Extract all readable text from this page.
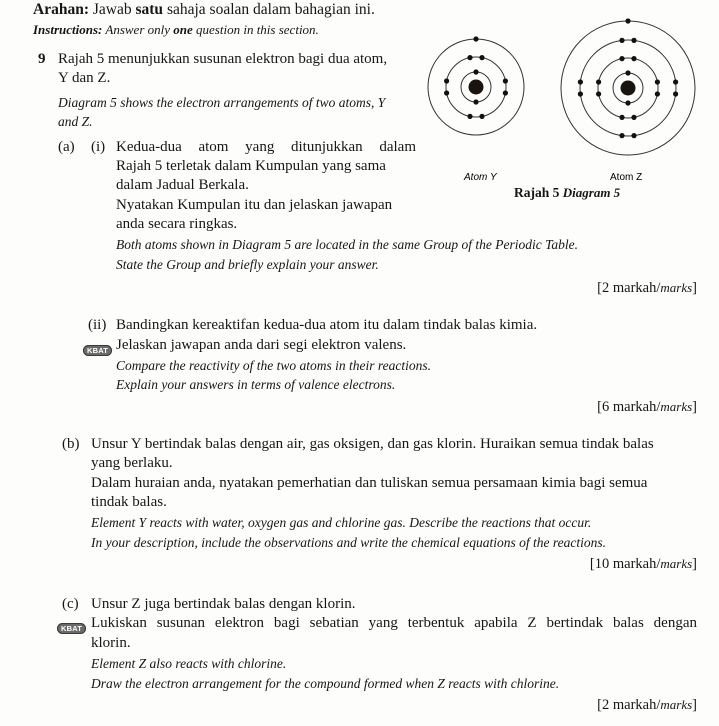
Arahan: Jawab satu sahaja soalan dalam bahagian ini.
Instructions: Answer only one question in this section.
9 Rajah 5 menunjukkan susunan elektron bagi dua atom,
Y dan Z.
Diagram 5 shows the electron arrangements of two atoms, Y
and Z.
(a) (i) Kedua-dua atom yang ditunjukkan dalam
Rajah 5 terletak dalam Kumpulan yang sama
dalam Jadual Berkala.
Nyatakan Kumpulan itu dan jelaskan jawapan
anda secara ringkas.
Both atoms shown in Diagram 5 are located in the same Group of the Periodic Table.
State the Group and briefly explain your answer.
[2 markah/marks]
(ii) Bandingkan kereaktifan kedua-dua atom itu dalam tindak balas kimia.
KBAT Jelaskan jawapan anda dari segi elektron valens.
Compare the reactivity of the two atoms in their reactions.
Explain your answers in terms of valence electrons.
[6 markah/marks]
(b) Unsur Y bertindak balas dengan air, gas oksigen, dan gas klorin. Huraikan semua tindak balas
yang berlaku.
Dalam huraian anda, nyatakan pemerhatian dan tuliskan semua persamaan kimia bagi semua
tindak balas.
Element Y reacts with water, oxygen gas and chlorine gas. Describe the reactions that occur.
In your description, include the observations and write the chemical equations of the reactions.
[10 markah/marks]
(c) Unsur Z juga bertindak balas dengan klorin.
KBAT Lukiskan susunan elektron bagi sebatian yang terbentuk apabila Z bertindak balas dengan
klorin.
Element Z also reacts with chlorine.
Draw the electron arrangement for the compound formed when Z reacts with chlorine.
[2 markah/marks]
Atom Y	Atom Z
Rajah 5 Diagram 5
